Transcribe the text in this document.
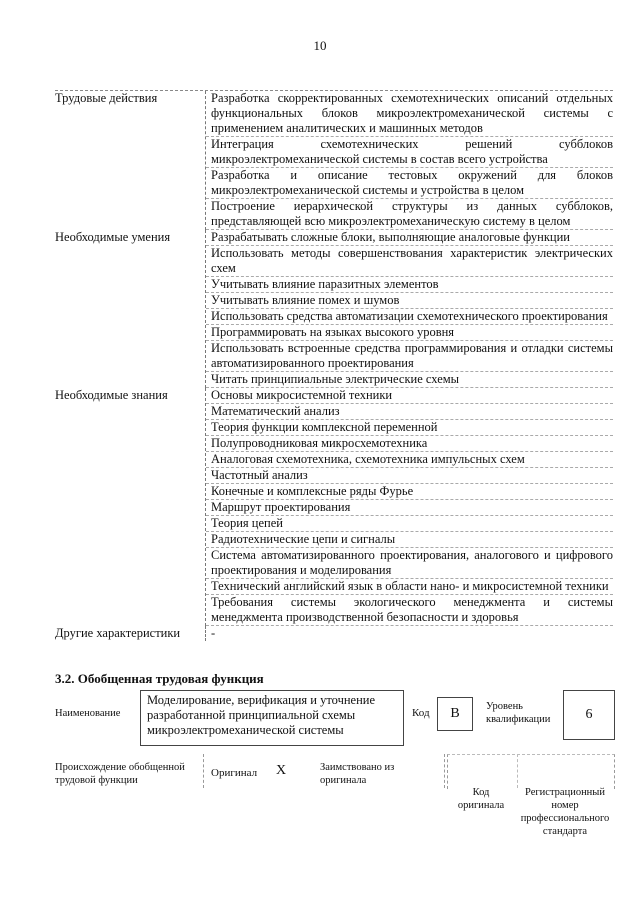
10
Трудовые действия	Разработка скорректированных схемотехнических описаний отдельных функциональных блоков микроэлектромеханической системы с применением аналитических и машинных методов
Интеграция схемотехнических решений субблоков микроэлектромеханической системы в состав всего устройства
Разработка и описание тестовых окружений для блоков микроэлектромеханической системы и устройства в целом
Построение иерархической структуры из данных субблоков, представляющей всю микроэлектромеханическую систему в целом
Необходимые умения	Разрабатывать сложные блоки, выполняющие аналоговые функции
Использовать методы совершенствования характеристик электрических схем
Учитывать влияние паразитных элементов
Учитывать влияние помех и шумов
Использовать средства автоматизации схемотехнического проектирования
Программировать на языках высокого уровня
Использовать встроенные средства программирования и отладки системы автоматизированного проектирования
Читать принципиальные электрические схемы
Необходимые знания	Основы микросистемной техники
Математический анализ
Теория функции комплексной переменной
Полупроводниковая микросхемотехника
Аналоговая схемотехника, схемотехника импульсных схем
Частотный анализ
Конечные и комплексные ряды Фурье
Маршрут проектирования
Теория цепей
Радиотехнические цепи и сигналы
Система автоматизированного проектирования, аналогового и цифрового проектирования и моделирования
Технический английский язык в области нано- и микросистемной техники
Требования системы экологического менеджмента и системы менеджмента производственной безопасности и здоровья
Другие характеристики	-
3.2. Обобщенная трудовая функция
Наименование
Моделирование, верификация и уточнение разработанной принципиальной схемы микроэлектромеханической системы
Код	B	Уровень квалификации	6
Происхождение обобщенной трудовой функции
Оригинал X	Заимствовано из оригинала
Код оригинала
Регистрационный номер профессионального стандарта
